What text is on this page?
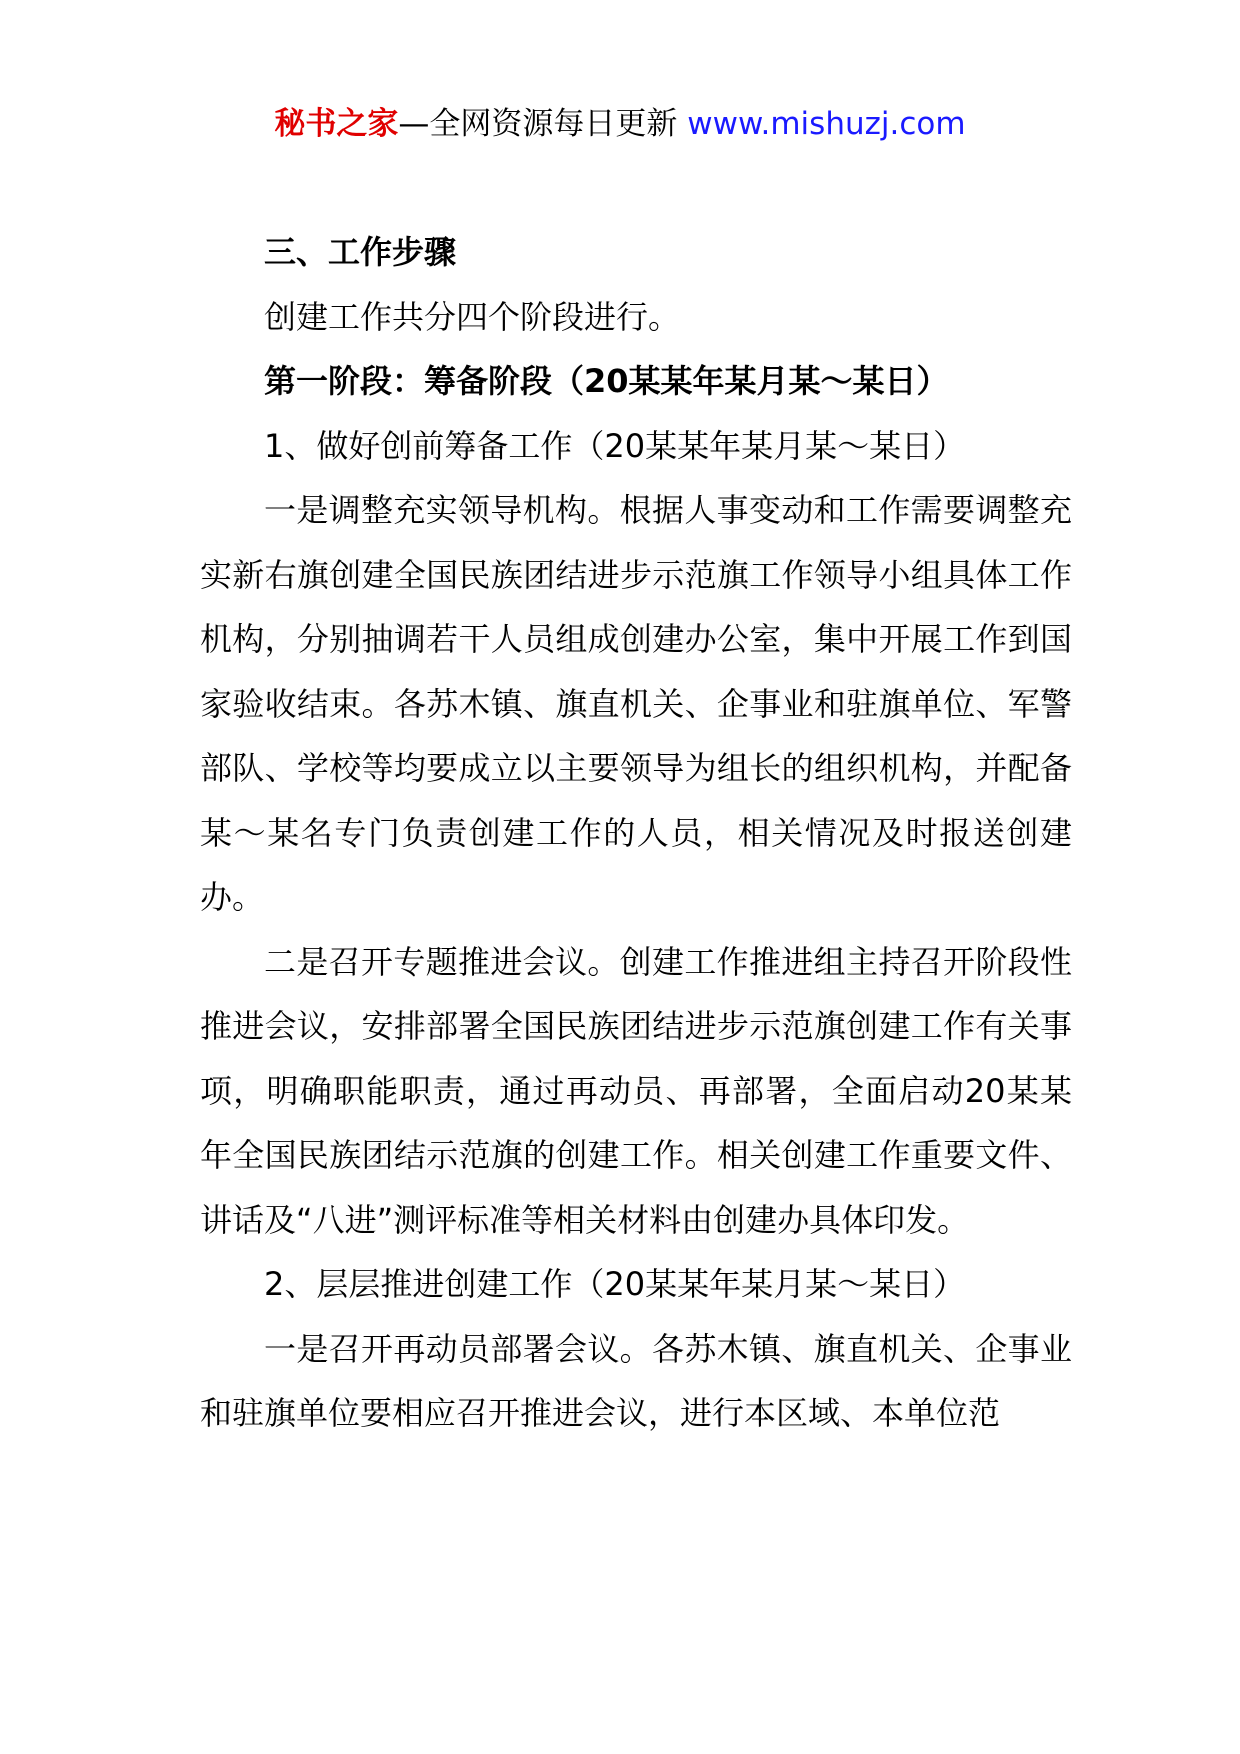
秘书之家—全网资源每日更新 www.mishuzj.com

三、工作步骤

创建工作共分四个阶段进行。

第一阶段：筹备阶段（20某某年某月某～某日）

1、做好创前筹备工作（20某某年某月某～某日）

一是调整充实领导机构。根据人事变动和工作需要调整充实新右旗创建全国民族团结进步示范旗工作领导小组具体工作机构，分别抽调若干人员组成创建办公室，集中开展工作到国家验收结束。各苏木镇、旗直机关、企事业和驻旗单位、军警部队、学校等均要成立以主要领导为组长的组织机构，并配备某～某名专门负责创建工作的人员，相关情况及时报送创建办。

二是召开专题推进会议。创建工作推进组主持召开阶段性推进会议，安排部署全国民族团结进步示范旗创建工作有关事项，明确职能职责，通过再动员、再部署，全面启动20某某年全国民族团结示范旗的创建工作。相关创建工作重要文件、讲话及“八进”测评标准等相关材料由创建办具体印发。

2、层层推进创建工作（20某某年某月某～某日）

一是召开再动员部署会议。各苏木镇、旗直机关、企事业和驻旗单位要相应召开推进会议，进行本区域、本单位范
